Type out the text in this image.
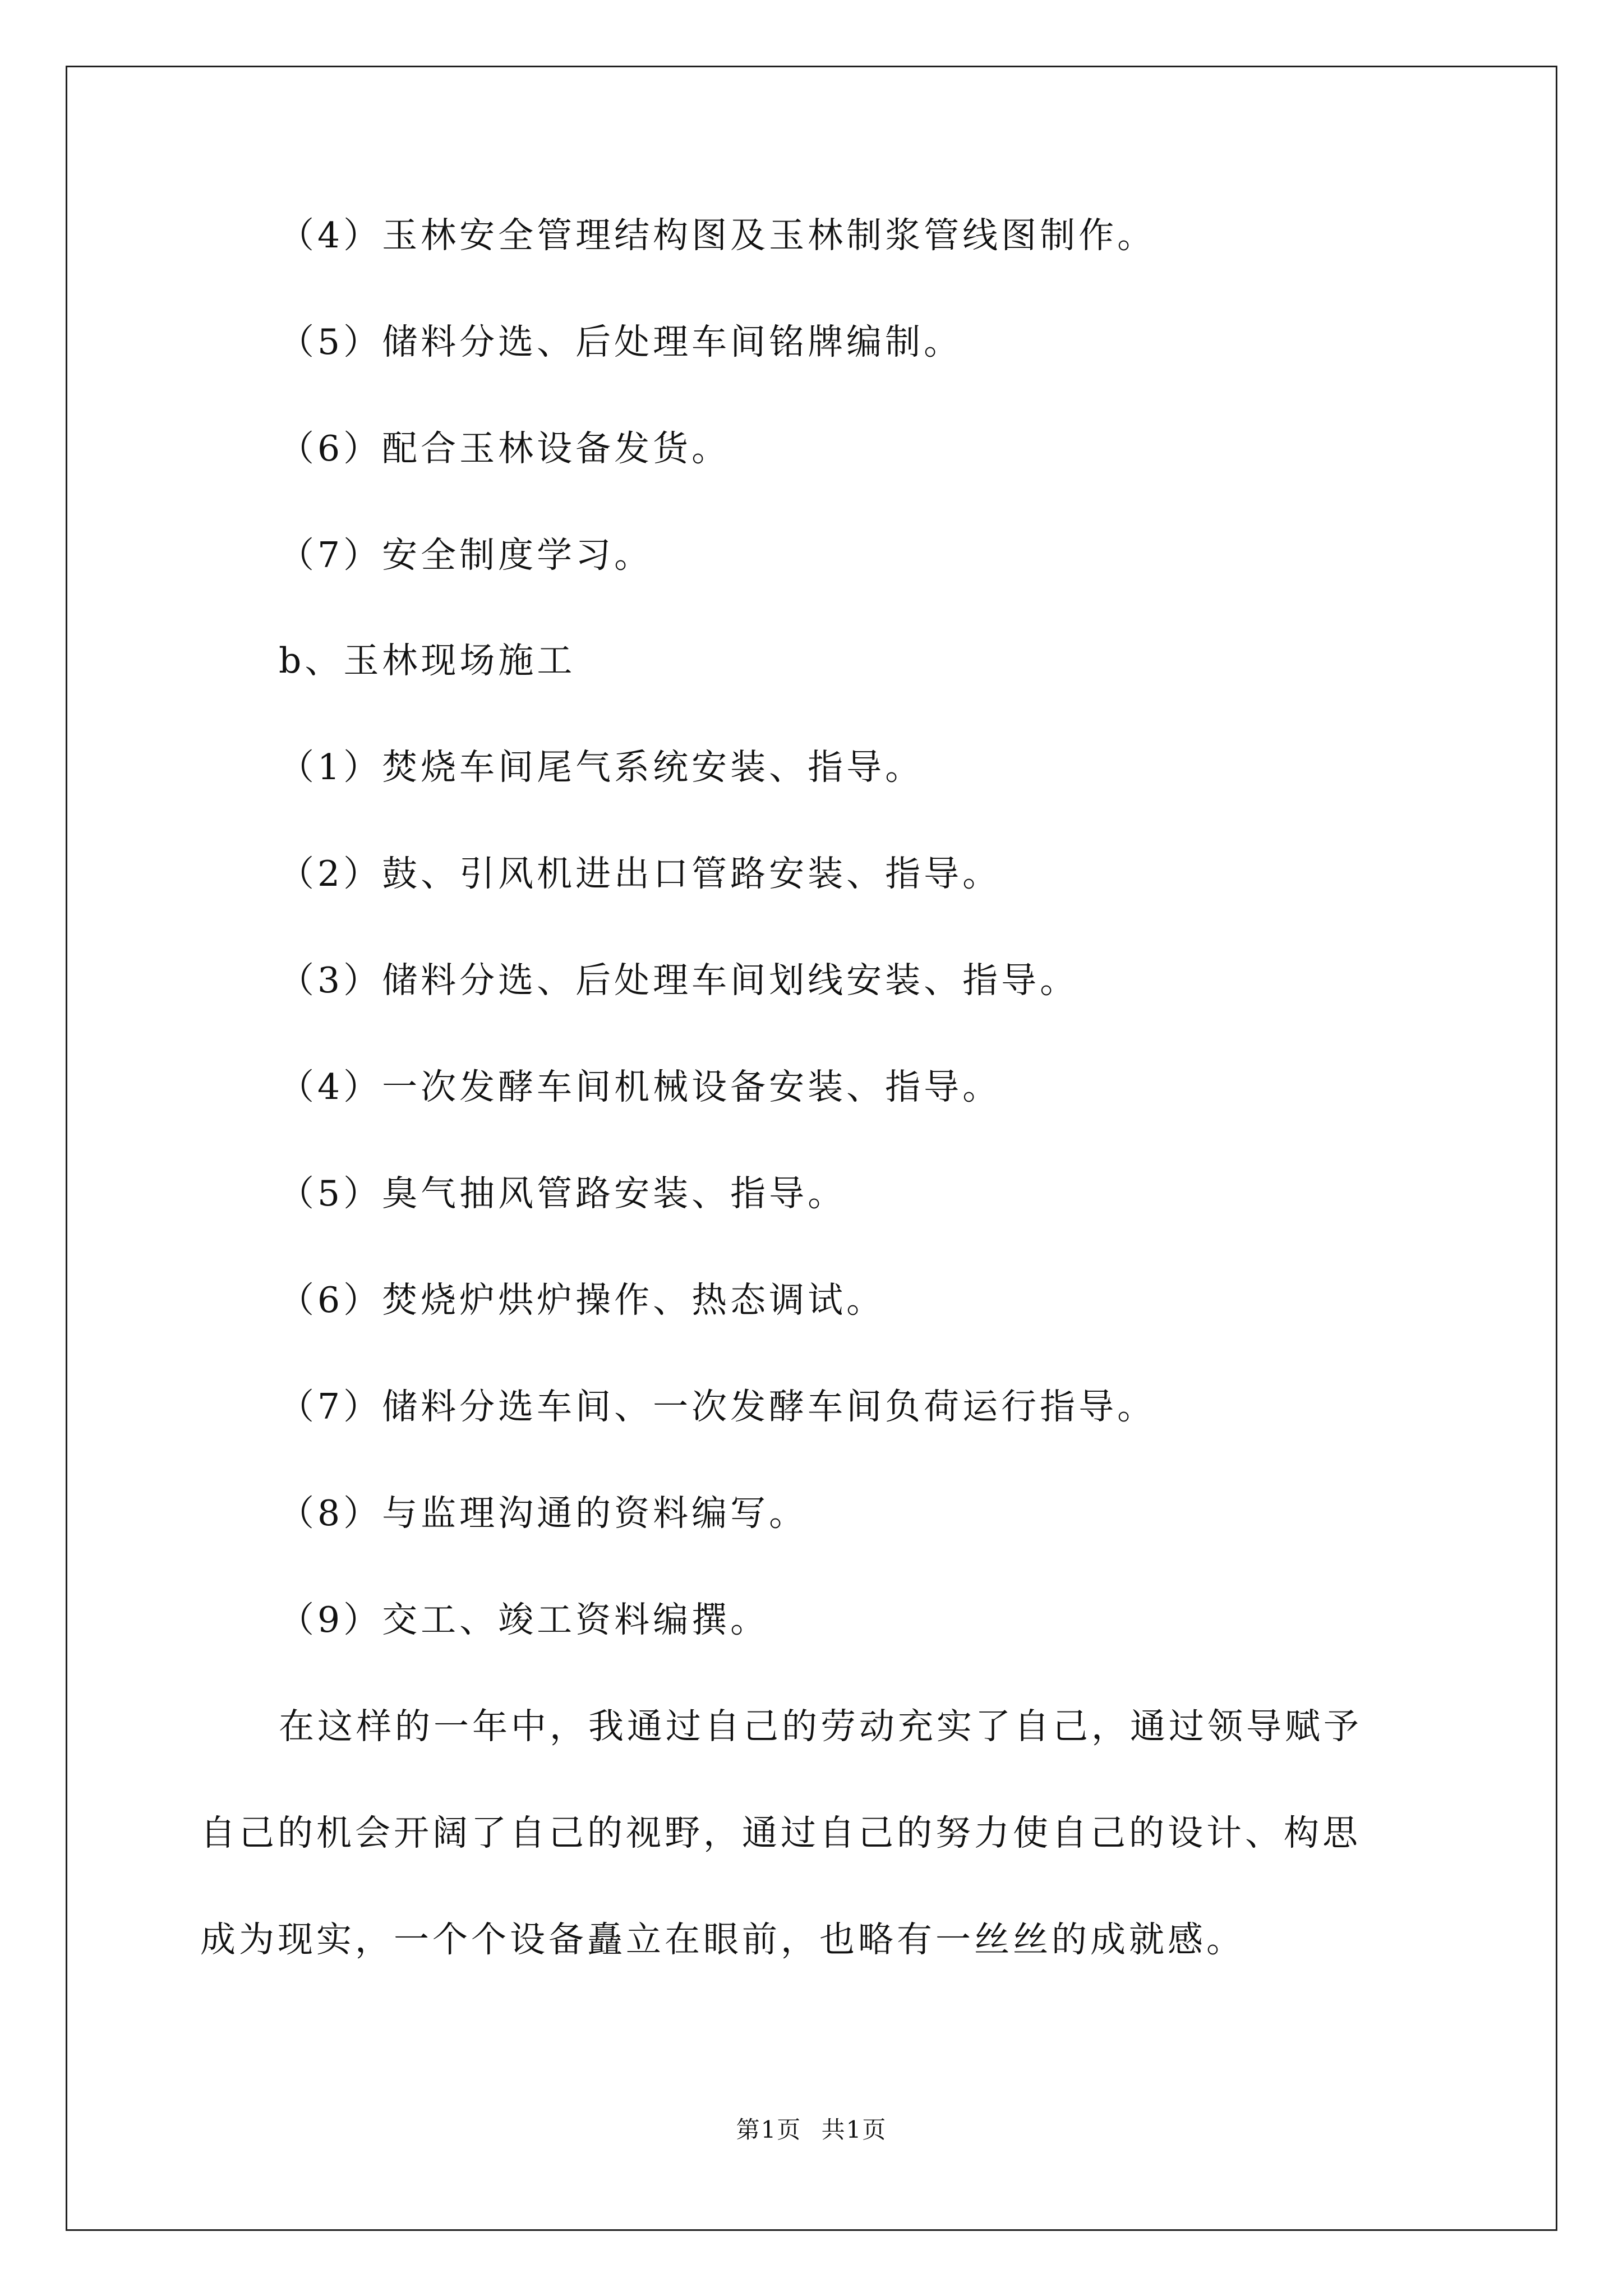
（4）玉林安全管理结构图及玉林制浆管线图制作。
（5）储料分选、后处理车间铭牌编制。
（6）配合玉林设备发货。
（7）安全制度学习。
b、玉林现场施工
（1）焚烧车间尾气系统安装、指导。
（2）鼓、引风机进出口管路安装、指导。
（3）储料分选、后处理车间划线安装、指导。
（4）一次发酵车间机械设备安装、指导。
（5）臭气抽风管路安装、指导。
（6）焚烧炉烘炉操作、热态调试。
（7）储料分选车间、一次发酵车间负荷运行指导。
（8）与监理沟通的资料编写。
（9）交工、竣工资料编撰。
在这样的一年中，我通过自己的劳动充实了自己，通过领导赋予
自己的机会开阔了自己的视野，通过自己的努力使自己的设计、构思
成为现实，一个个设备矗立在眼前，也略有一丝丝的成就感。
第1页 共1页
